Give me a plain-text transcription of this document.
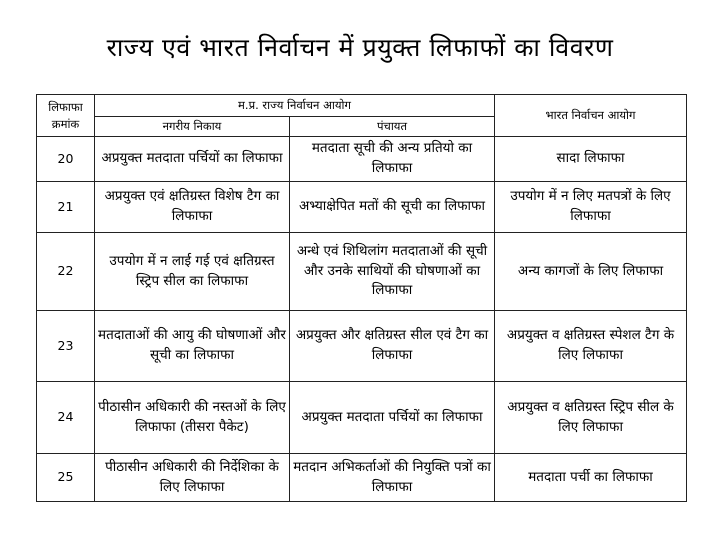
राज्य एवं भारत निर्वाचन में प्रयुक्त लिफाफों का विवरण
लिफाफा
क्रमांक	म.प्र. राज्य निर्वाचन आयोग		भारत निर्वाचन आयोग
	नगरीय निकाय	पंचायत	
20	अप्रयुक्त मतदाता पर्चियों का लिफाफा	मतदाता सूची की अन्य प्रतियो का लिफाफा	सादा लिफाफा
21	अप्रयुक्त एवं क्षतिग्रस्त विशेष टैग का लिफाफा	अभ्याक्षेपित मतों की सूची का लिफाफा	उपयोग में न लिए मतपत्रों के लिए लिफाफा
22	उपयोग में न लाई गई एवं क्षतिग्रस्त स्ट्रिप सील का लिफाफा	अन्धे एवं शिथिलांग मतदाताओं की सूची और उनके साथियों की घोषणाओं का लिफाफा	अन्य कागजों के लिए लिफाफा
23	मतदाताओं की आयु की घोषणाओं और सूची का लिफाफा	अप्रयुक्त और क्षतिग्रस्त सील एवं टैग का लिफाफा	अप्रयुक्त व क्षतिग्रस्त स्पेशल टैग के लिए लिफाफा
24	पीठासीन अधिकारी की नस्तओं के लिए लिफाफा (तीसरा पैकेट)	अप्रयुक्त मतदाता पर्चियों का लिफाफा	अप्रयुक्त व क्षतिग्रस्त स्ट्रिप सील के लिए लिफाफा
25	पीठासीन अधिकारी की निर्देशिका के लिए लिफाफा	मतदान अभिकर्ताओं की नियुक्ति पत्रों का लिफाफा	मतदाता पर्ची का लिफाफा
